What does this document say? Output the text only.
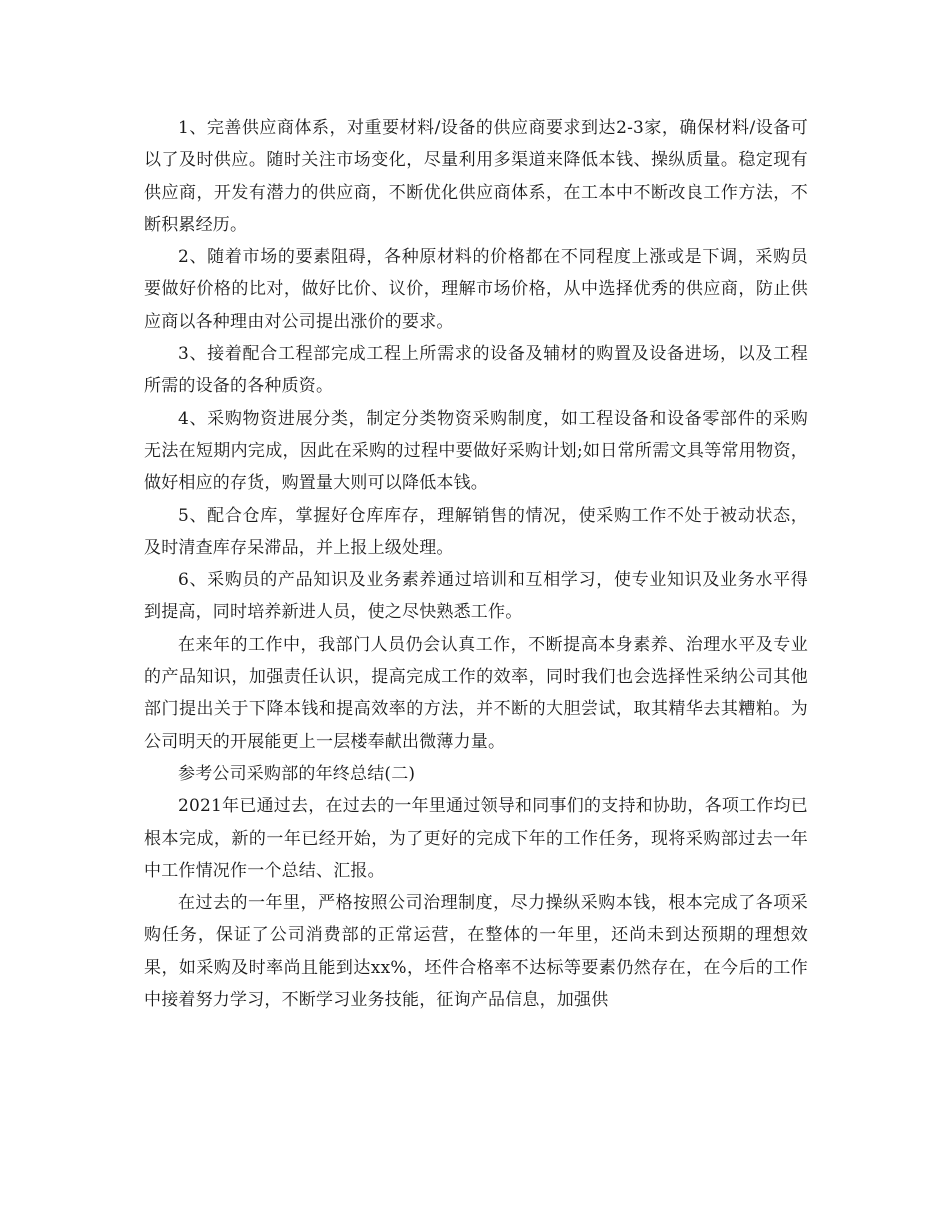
1、完善供应商体系，对重要材料/设备的供应商要求到达2-3家，确保材料/设备可以了及时供应。随时关注市场变化，尽量利用多渠道来降低本钱、操纵质量。稳定现有供应商，开发有潜力的供应商，不断优化供应商体系，在工本中不断改良工作方法，不断积累经历。

2、随着市场的要素阻碍，各种原材料的价格都在不同程度上涨或是下调，采购员要做好价格的比对，做好比价、议价，理解市场价格，从中选择优秀的供应商，防止供应商以各种理由对公司提出涨价的要求。

3、接着配合工程部完成工程上所需求的设备及辅材的购置及设备进场，以及工程所需的设备的各种质资。

4、采购物资进展分类，制定分类物资采购制度，如工程设备和设备零部件的采购无法在短期内完成，因此在采购的过程中要做好采购计划;如日常所需文具等常用物资，做好相应的存货，购置量大则可以降低本钱。

5、配合仓库，掌握好仓库库存，理解销售的情况，使采购工作不处于被动状态，及时清查库存呆滞品，并上报上级处理。

6、采购员的产品知识及业务素养通过培训和互相学习，使专业知识及业务水平得到提高，同时培养新进人员，使之尽快熟悉工作。

在来年的工作中，我部门人员仍会认真工作，不断提高本身素养、治理水平及专业的产品知识，加强责任认识，提高完成工作的效率，同时我们也会选择性采纳公司其他部门提出关于下降本钱和提高效率的方法，并不断的大胆尝试，取其精华去其糟粕。为公司明天的开展能更上一层楼奉献出微薄力量。

参考公司采购部的年终总结(二)

2021年已通过去，在过去的一年里通过领导和同事们的支持和协助，各项工作均已根本完成，新的一年已经开始，为了更好的完成下年的工作任务，现将采购部过去一年中工作情况作一个总结、汇报。

在过去的一年里，严格按照公司治理制度，尽力操纵采购本钱，根本完成了各项采购任务，保证了公司消费部的正常运营，在整体的一年里，还尚未到达预期的理想效果，如采购及时率尚且能到达xx%，坯件合格率不达标等要素仍然存在，在今后的工作中接着努力学习，不断学习业务技能，征询产品信息，加强供
